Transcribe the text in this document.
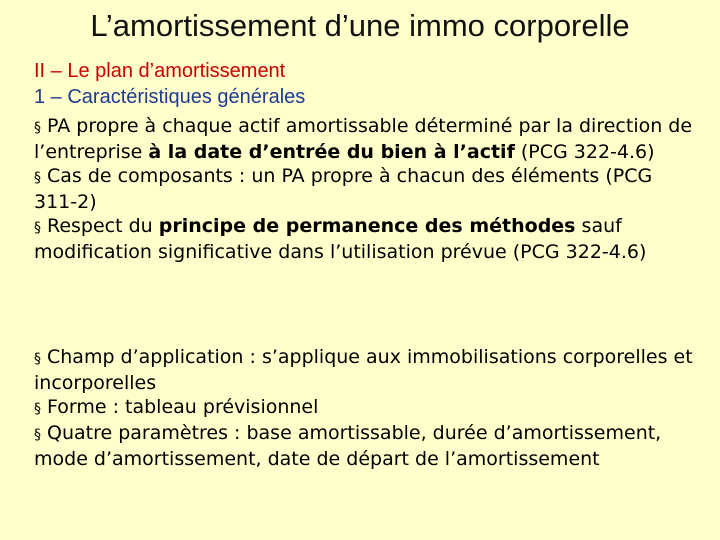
L’amortissement d’une immo corporelle
II – Le plan d’amortissement
1 – Caractéristiques générales

§ PA propre à chaque actif amortissable déterminé par la direction de l’entreprise à la date d’entrée du bien à l’actif (PCG 322-4.6)

§ Cas de composants : un PA propre à chacun des éléments (PCG 311-2)

§ Respect du principe de permanence des méthodes sauf modification significative dans l’utilisation prévue (PCG 322-4.6)

§ Champ d’application : s’applique aux immobilisations corporelles et incorporelles

§ Forme : tableau prévisionnel

§ Quatre paramètres : base amortissable, durée d’amortissement, mode d’amortissement, date de départ de l’amortissement
